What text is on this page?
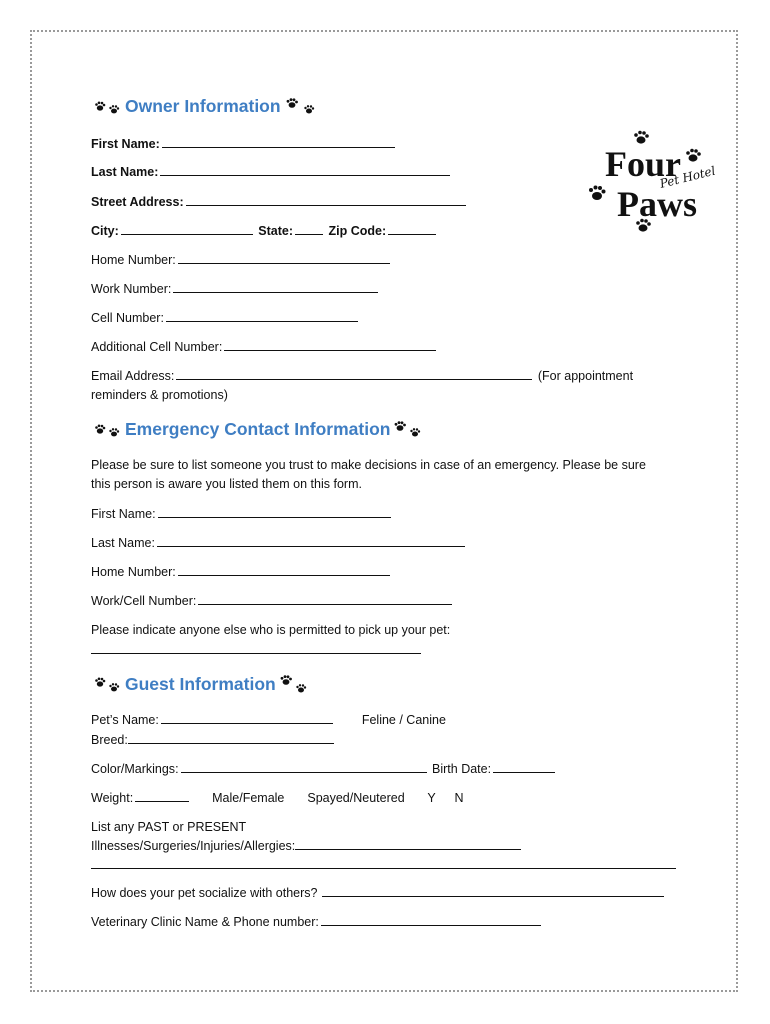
Owner Information
First Name:
Last Name:
Street Address:
City:	State:	Zip Code:
Home Number:
Work Number:
Cell Number:
Additional Cell Number:
Email Address:	(For appointment
reminders & promotions)
Four
Pet Hotel
Paws
Emergency Contact Information
Please be sure to list someone you trust to make decisions in case of an emergency. Please be sure
this person is aware you listed them on this form.
First Name:
Last Name:
Home Number:
Work/Cell Number:
Please indicate anyone else who is permitted to pick up your pet:
Guest Information
Pet’s Name:	Feline / Canine
Breed:
Color/Markings:	Birth Date:
Weight:	Male/Female Spayed/Neutered Y N
List any PAST or PRESENT
Illnesses/Surgeries/Injuries/Allergies:
How does your pet socialize with others?
Veterinary Clinic Name & Phone number:
